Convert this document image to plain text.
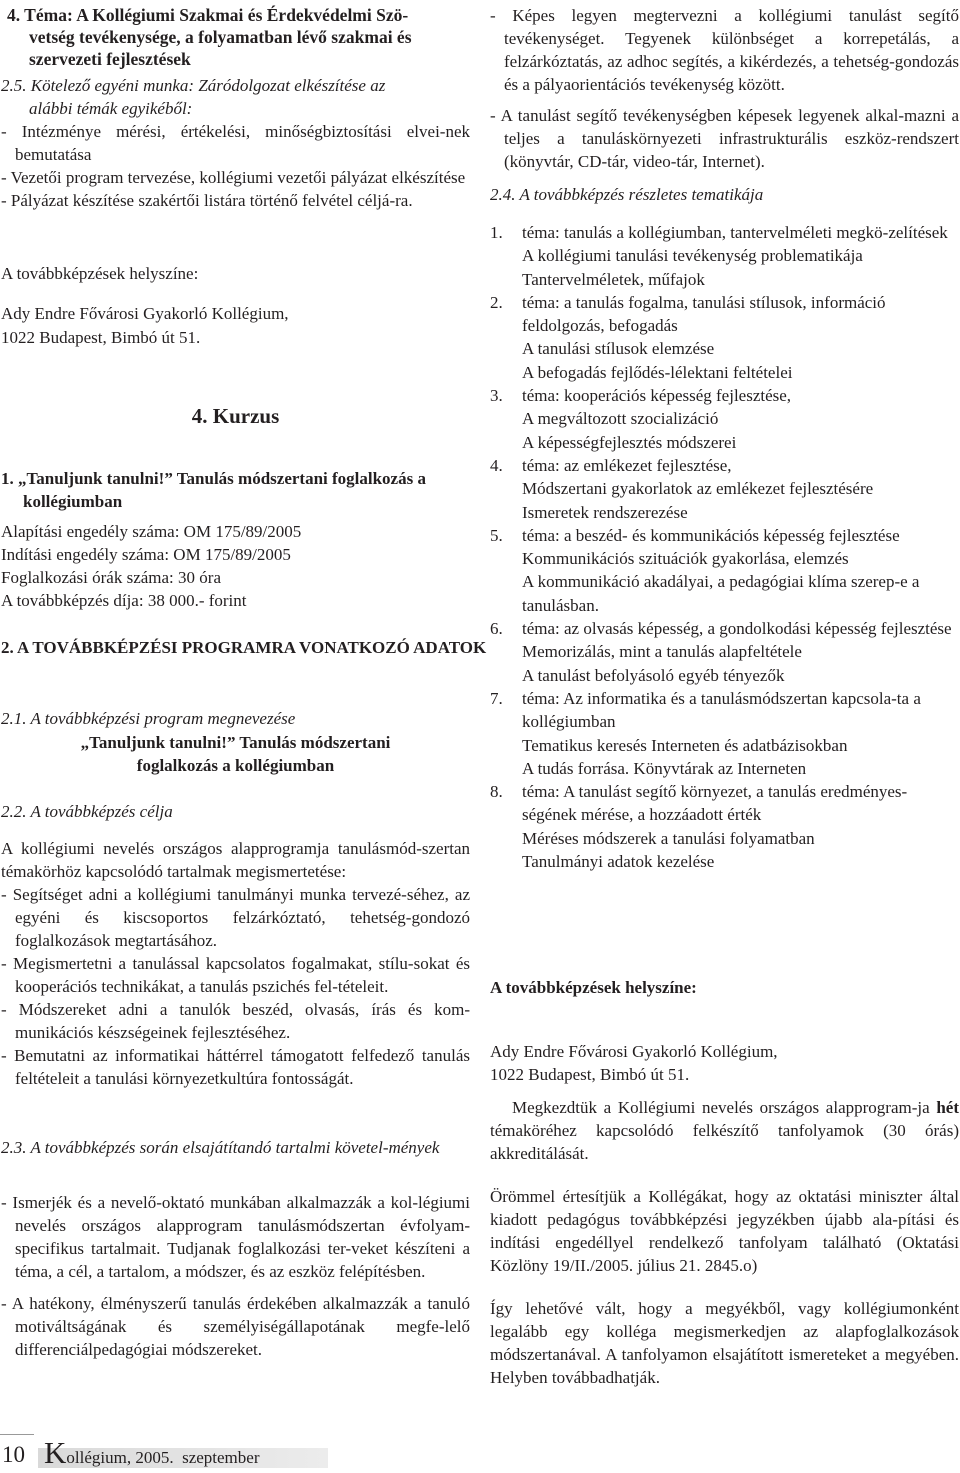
4. Téma: A Kollégiumi Szakmai és Érdekvédelmi Szö-

vetség tevékenysége, a folyamatban lévő szakmai és

szervezeti fejlesztések

2.5. Kötelező egyéni munka: Záródolgozat elkészítése az

alábbi témák egyikéből:

- Intézménye mérési, értékelési, minőségbiztosítási elvei-nek bemutatása

- Vezetői program tervezése, kollégiumi vezetői pályázat elkészítése

- Pályázat készítése szakértői listára történő felvétel céljá-ra.

A továbbképzések helyszíne:

Ady Endre Fővárosi Gyakorló Kollégium,

1022 Budapest, Bimbó út 51.

4. Kurzus

1. „Tanuljunk tanulni!” Tanulás módszertani foglalkozás a kollégiumban

Alapítási engedély száma: OM 175/89/2005

Indítási engedély száma: OM 175/89/2005

Foglalkozási órák száma: 30 óra

A továbbképzés díja: 38 000.- forint

2. A TOVÁBBKÉPZÉSI PROGRAMRA VONATKOZÓ ADATOK

2.1. A továbbképzési program megnevezése

„Tanuljunk tanulni!” Tanulás módszertani

foglalkozás a kollégiumban

2.2. A továbbképzés célja

A kollégiumi nevelés országos alapprogramja tanulásmód-szertan témakörhöz kapcsolódó tartalmak megismertetése:

- Segítséget adni a kollégiumi tanulmányi munka tervezé-séhez, az egyéni és kiscsoportos felzárkóztató, tehetség-gondozó foglalkozások megtartásához.

- Megismertetni a tanulással kapcsolatos fogalmakat, stílu-sokat és kooperációs technikákat, a tanulás pszichés fel-tételeit.

- Módszereket adni a tanulók beszéd, olvasás, írás és kom-munikációs készségeinek fejlesztéséhez.

- Bemutatni az informatikai háttérrel támogatott felfedező tanulás feltételeit a tanulási környezetkultúra fontosságát.

2.3. A továbbképzés során elsajátítandó tartalmi követel-mények

- Ismerjék és a nevelő-oktató munkában alkalmazzák a kol-légiumi nevelés országos alapprogram tanulásmódszertan évfolyam-specifikus tartalmait. Tudjanak foglalkozási ter-veket készíteni a téma, a cél, a tartalom, a módszer, és az eszköz felépítésben.

- A hatékony, élményszerű tanulás érdekében alkalmazzák a tanuló motiváltságának és személyiségállapotának megfe-lelő differenciálpedagógiai módszereket.

- Képes legyen megtervezni a kollégiumi tanulást segítő tevékenységet. Tegyenek különbséget a korrepetálás, a felzárkóztatás, az adhoc segítés, a kikérdezés, a tehetség-gondozás és a pályaorientációs tevékenység között.

- A tanulást segítő tevékenységben képesek legyenek alkal-mazni a teljes a tanuláskörnyezeti infrastrukturális eszköz-rendszert (könyvtár, CD-tár, video-tár, Internet).

2.4. A továbbképzés részletes tematikája

1. téma: tanulás a kollégiumban, tantervelméleti megkö-zelítések
A kollégiumi tanulási tevékenység problematikája
Tantervelméletek, műfajok
2. téma: a tanulás fogalma, tanulási stílusok, információ feldolgozás, befogadás
A tanulási stílusok elemzése
A befogadás fejlődés-lélektani feltételei
3. téma: kooperációs képesség fejlesztése,
A megváltozott szocializáció
A képességfejlesztés módszerei
4. téma: az emlékezet fejlesztése,
Módszertani gyakorlatok az emlékezet fejlesztésére
Ismeretek rendszerezése
5. téma: a beszéd- és kommunikációs képesség fejlesztése
Kommunikációs szituációk gyakorlása, elemzés
A kommunikáció akadályai, a pedagógiai klíma szerep-e a tanulásban.
6. téma: az olvasás képesség, a gondolkodási képesség fejlesztése
Memorizálás, mint a tanulás alapfeltétele
A tanulást befolyásoló egyéb tényezők
7. téma: Az informatika és a tanulásmódszertan kapcsola-ta a kollégiumban
Tematikus keresés Interneten és adatbázisokban
A tudás forrása. Könyvtárak az Interneten
8. téma: A tanulást segítő környezet, a tanulás eredményes-ségének mérése, a hozzáadott érték
Méréses módszerek a tanulási folyamatban
Tanulmányi adatok kezelése

A továbbképzések helyszíne:

Ady Endre Fővárosi Gyakorló Kollégium,

1022 Budapest, Bimbó út 51.

Megkezdtük a Kollégiumi nevelés országos alapprogram-ja hét témaköréhez kapcsolódó felkészítő tanfolyamok (30 órás) akkreditálását.

Örömmel értesítjük a Kollégákat, hogy az oktatási miniszter által kiadott pedagógus továbbképzési jegyzékben újabb ala-pítási és indítási engedéllyel rendelkező tanfolyam található (Oktatási Közlöny 19/II./2005. július 21. 2845.o)

Így lehetővé vált, hogy a megyékből, vagy kollégiumonként legalább egy kolléga megismerkedjen az alapfoglalkozások módszertanával. A tanfolyamon elsajátított ismereteket a megyében. Helyben továbbadhatják.

10 Kollégium, 2005.  szeptember
